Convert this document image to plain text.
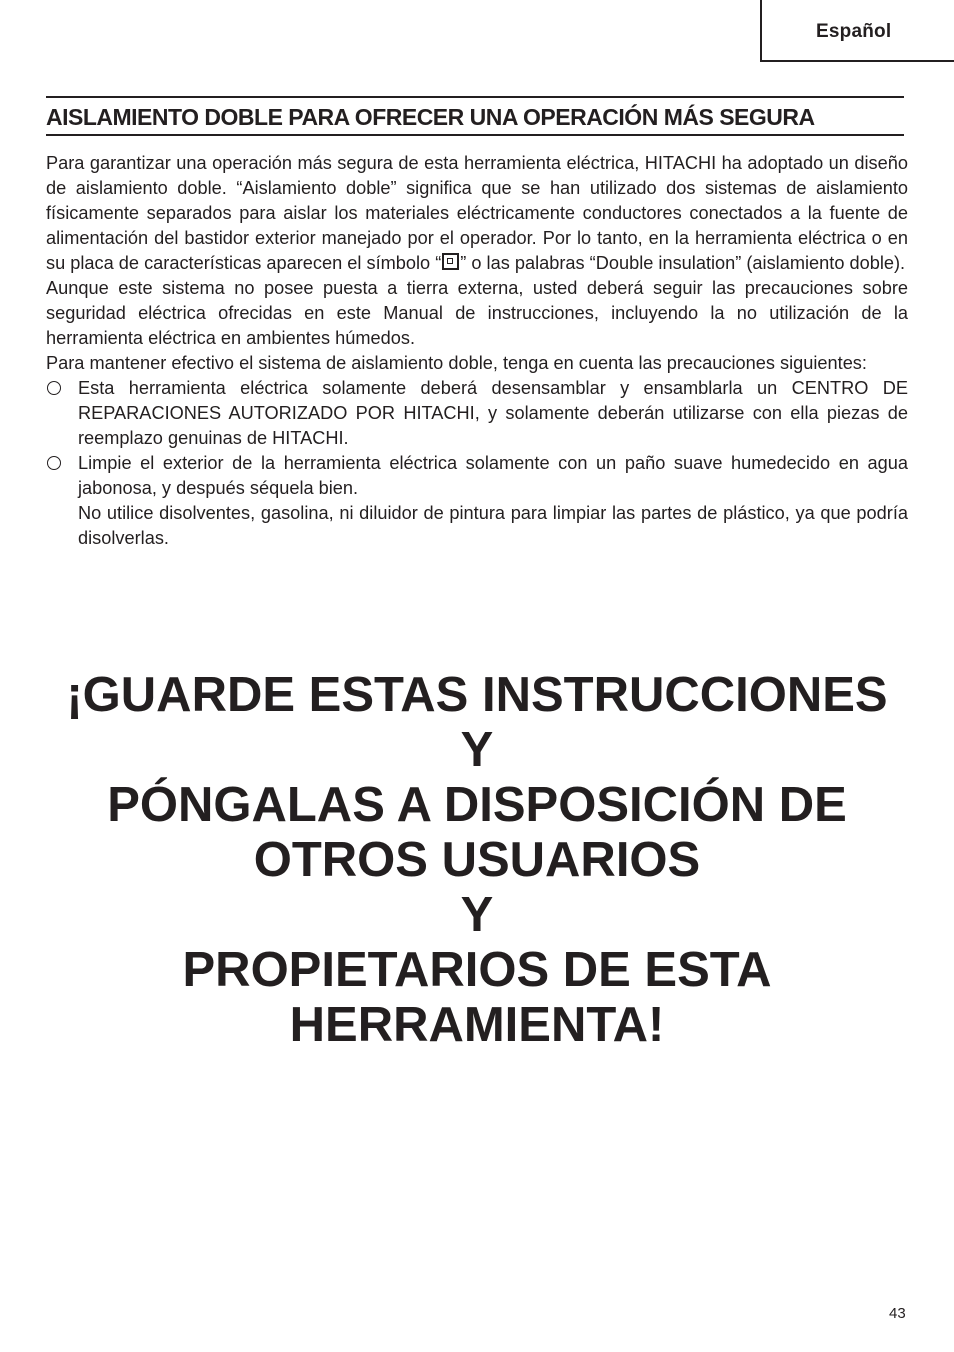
Español
AISLAMIENTO DOBLE PARA OFRECER UNA OPERACIÓN MÁS SEGURA

Para garantizar una operación más segura de esta herramienta eléctrica, HITACHI ha adoptado un diseño de aislamiento doble. “Aislamiento doble” significa que se han utilizado dos sistemas de aislamiento físicamente separados para aislar los materiales eléctricamente conductores conectados a la fuente de alimentación del bastidor exterior manejado por el operador. Por lo tanto, en la herramienta eléctrica o en su placa de características aparecen el símbolo “ ” o las palabras “Double insulation” (aislamiento doble).

Aunque este sistema no posee puesta a tierra externa, usted deberá seguir las precauciones sobre seguridad eléctrica ofrecidas en este Manual de instrucciones, incluyendo la no utilización de la herramienta eléctrica en ambientes húmedos.

Para mantener efectivo el sistema de aislamiento doble, tenga en cuenta las precauciones siguientes:

Esta herramienta eléctrica solamente deberá desensamblar y ensamblarla un CENTRO DE REPARACIONES AUTORIZADO POR HITACHI, y solamente deberán utilizarse con ella piezas de reemplazo genuinas de HITACHI.

Limpie el exterior de la herramienta eléctrica solamente con un paño suave humedecido en agua jabonosa, y después séquela bien.

No utilice disolventes, gasolina, ni diluidor de pintura para limpiar las partes de plástico, ya que podría disolverlas.

¡GUARDE ESTAS INSTRUCCIONES
Y
PÓNGALAS A DISPOSICIÓN DE
OTROS USUARIOS
Y
PROPIETARIOS DE ESTA
HERRAMIENTA!
43
